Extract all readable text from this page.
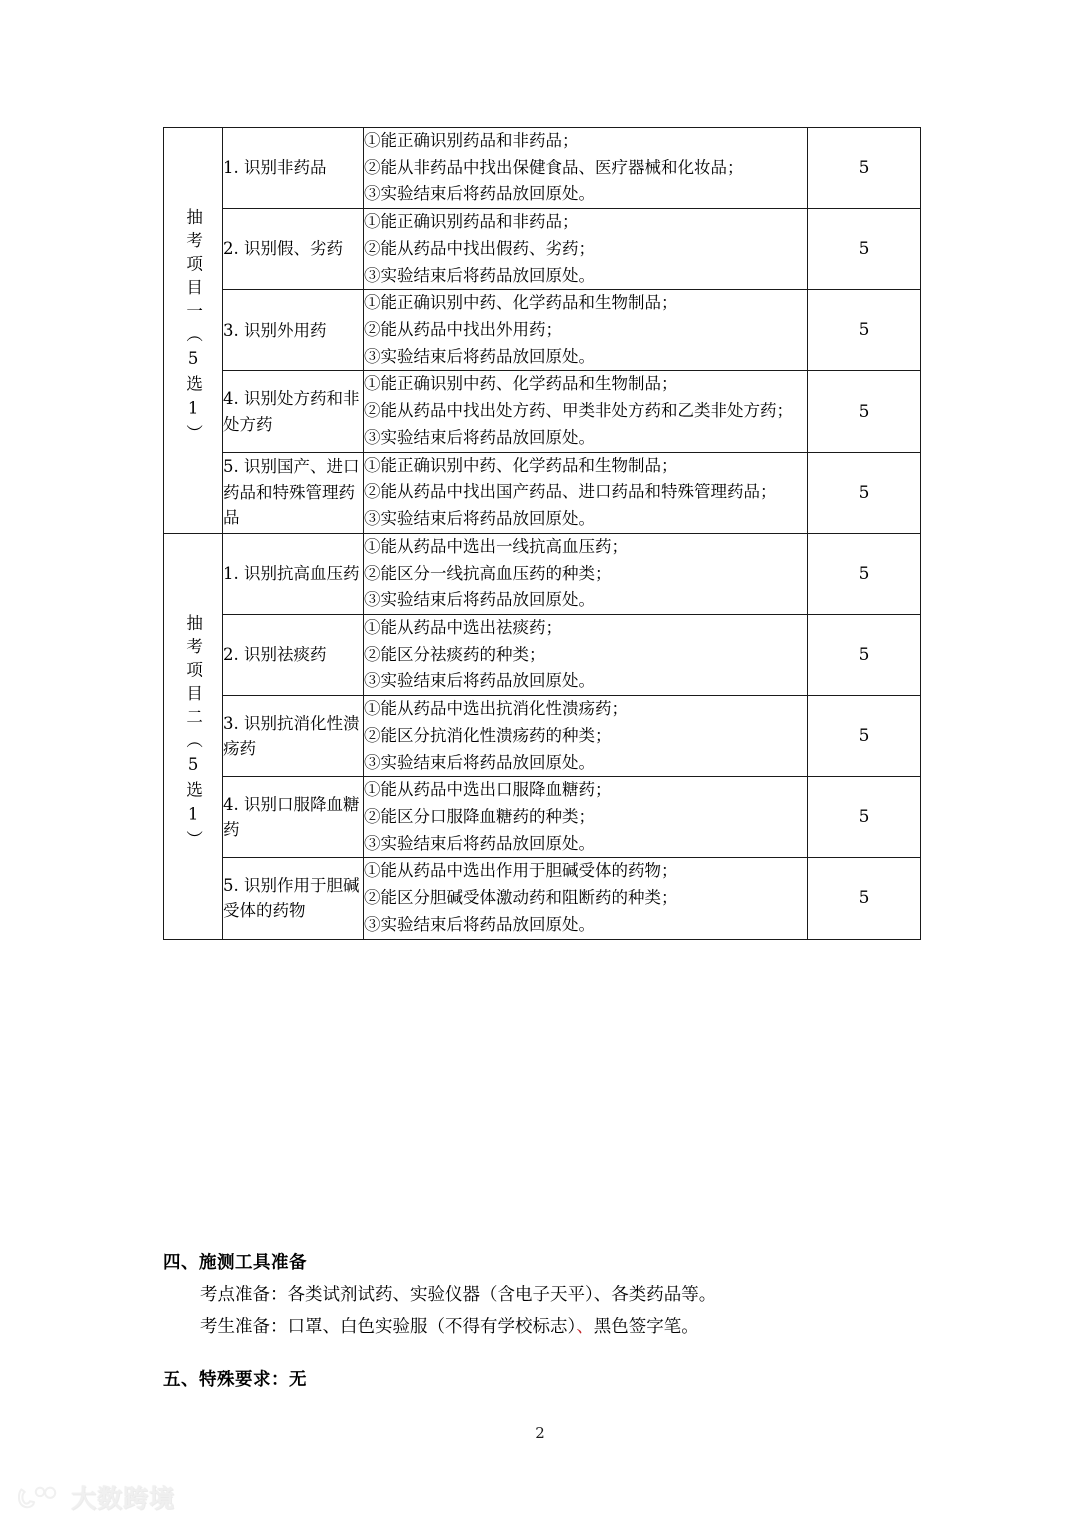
抽考项目一（5选1）	1. 识别非药品	①能正确识别药品和非药品；
②能从非药品中找出保健食品、医疗器械和化妆品；
③实验结束后将药品放回原处。	5
	2. 识别假、劣药	①能正确识别药品和非药品；
②能从药品中找出假药、劣药；
③实验结束后将药品放回原处。	5
	3. 识别外用药	①能正确识别中药、化学药品和生物制品；
②能从药品中找出外用药；
③实验结束后将药品放回原处。	5
	4. 识别处方药和非处方药	①能正确识别中药、化学药品和生物制品；
②能从药品中找出处方药、甲类非处方药和乙类非处方药；
③实验结束后将药品放回原处。	5
	5. 识别国产、进口药品和特殊管理药品	①能正确识别中药、化学药品和生物制品；
②能从药品中找出国产药品、进口药品和特殊管理药品；
③实验结束后将药品放回原处。	5
抽考项目二（5选1）	1. 识别抗高血压药	①能从药品中选出一线抗高血压药；
②能区分一线抗高血压药的种类；
③实验结束后将药品放回原处。	5
	2. 识别祛痰药	①能从药品中选出祛痰药；
②能区分祛痰药的种类；
③实验结束后将药品放回原处。	5
	3. 识别抗消化性溃疡药	①能从药品中选出抗消化性溃疡药；
②能区分抗消化性溃疡药的种类；
③实验结束后将药品放回原处。	5
	4. 识别口服降血糖药	①能从药品中选出口服降血糖药；
②能区分口服降血糖药的种类；
③实验结束后将药品放回原处。	5
	5. 识别作用于胆碱受体的药物	①能从药品中选出作用于胆碱受体的药物；
②能区分胆碱受体激动药和阻断药的种类；
③实验结束后将药品放回原处。	5

四、施测工具准备

考点准备：各类试剂试药、实验仪器（含电子天平）、各类药品等。

考生准备：口罩、白色实验服（不得有学校标志）、黑色签字笔。

五、特殊要求：无

2
大数跨境
